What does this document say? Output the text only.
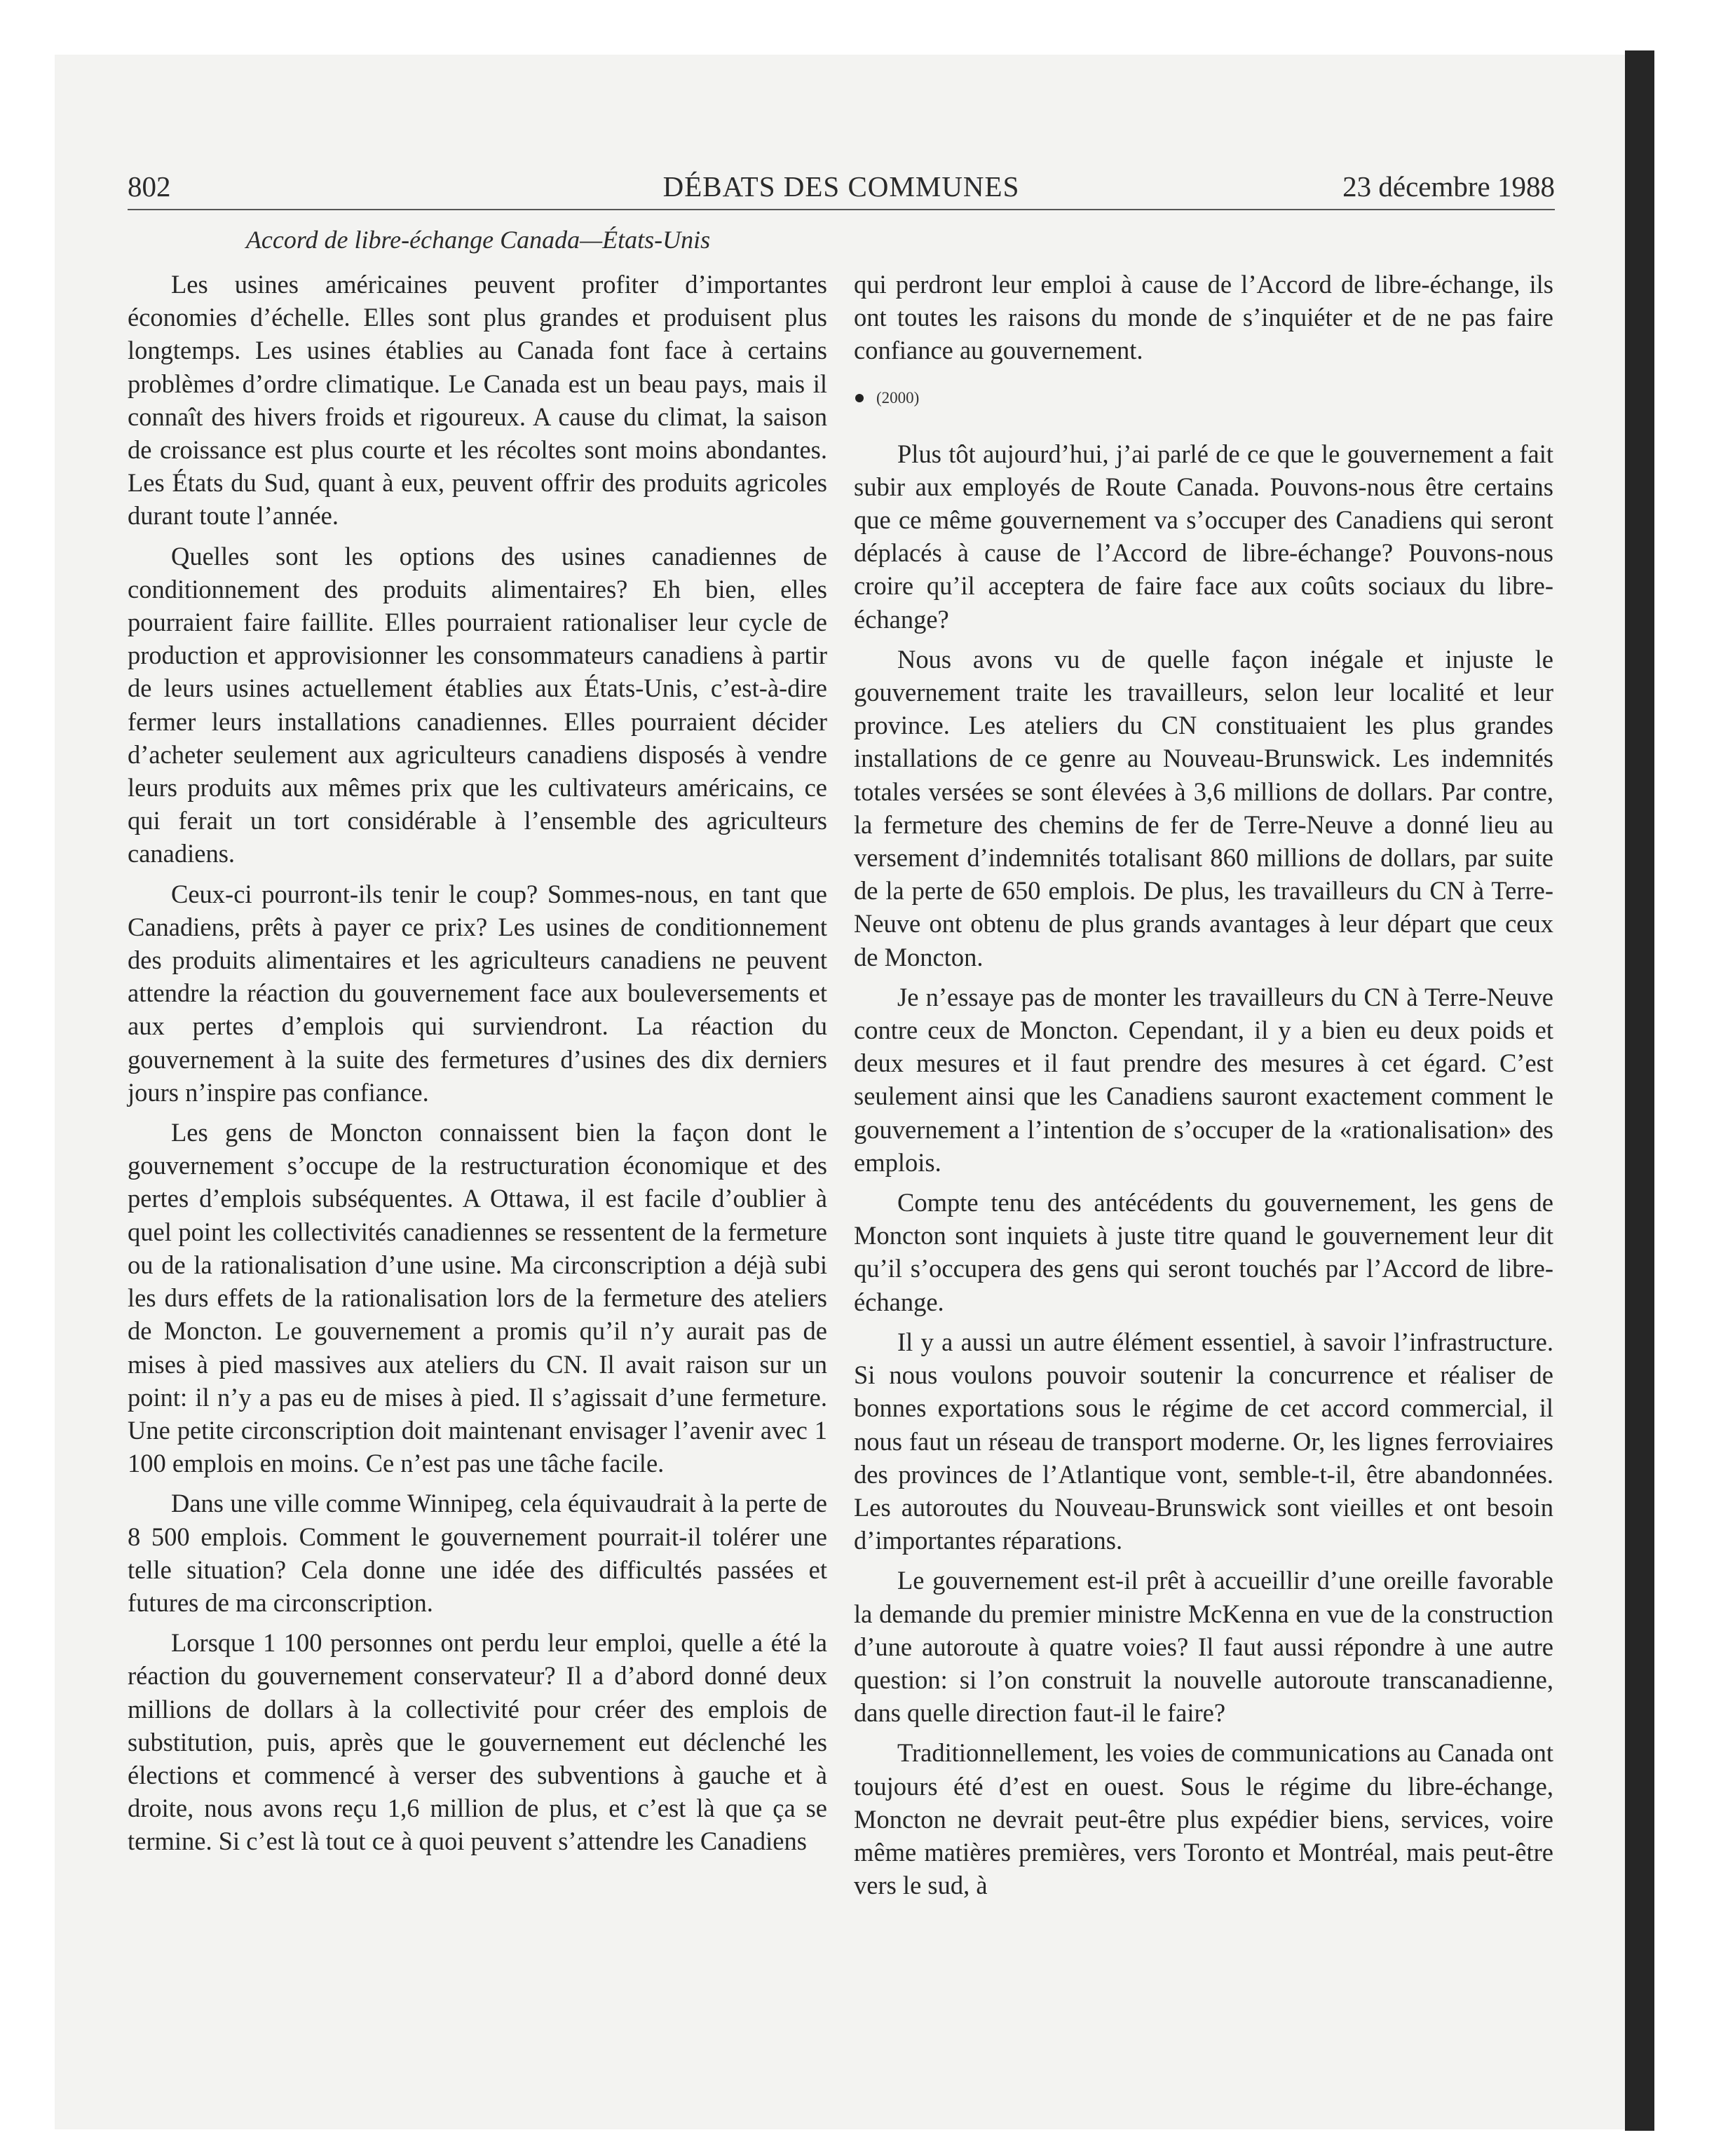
802	DÉBATS DES COMMUNES	23 décembre 1988
Accord de libre-échange Canada—États-Unis

Les usines américaines peuvent profiter d’importantes économies d’échelle. Elles sont plus grandes et produisent plus longtemps. Les usines établies au Canada font face à certains problèmes d’ordre climatique. Le Canada est un beau pays, mais il connaît des hivers froids et rigoureux. A cause du climat, la saison de croissance est plus courte et les récoltes sont moins abondantes. Les États du Sud, quant à eux, peuvent offrir des produits agricoles durant toute l’année.

Quelles sont les options des usines canadiennes de conditionnement des produits alimentaires? Eh bien, elles pourraient faire faillite. Elles pourraient rationaliser leur cycle de production et approvisionner les consommateurs canadiens à partir de leurs usines actuellement établies aux États-Unis, c’est-à-dire fermer leurs installations canadiennes. Elles pourraient décider d’acheter seulement aux agriculteurs canadiens disposés à vendre leurs produits aux mêmes prix que les cultivateurs américains, ce qui ferait un tort considérable à l’ensemble des agriculteurs canadiens.

Ceux-ci pourront-ils tenir le coup? Sommes-nous, en tant que Canadiens, prêts à payer ce prix? Les usines de conditionnement des produits alimentaires et les agriculteurs canadiens ne peuvent attendre la réaction du gouvernement face aux bouleversements et aux pertes d’emplois qui surviendront. La réaction du gouvernement à la suite des fermetures d’usines des dix derniers jours n’inspire pas confiance.

Les gens de Moncton connaissent bien la façon dont le gouvernement s’occupe de la restructuration économique et des pertes d’emplois subséquentes. A Ottawa, il est facile d’oublier à quel point les collectivités canadiennes se ressentent de la fermeture ou de la rationalisation d’une usine. Ma circonscription a déjà subi les durs effets de la rationalisation lors de la fermeture des ateliers de Moncton. Le gouvernement a promis qu’il n’y aurait pas de mises à pied massives aux ateliers du CN. Il avait raison sur un point: il n’y a pas eu de mises à pied. Il s’agissait d’une fermeture. Une petite circonscription doit maintenant envisager l’avenir avec 1 100 emplois en moins. Ce n’est pas une tâche facile.

Dans une ville comme Winnipeg, cela équivaudrait à la perte de 8 500 emplois. Comment le gouvernement pourrait-il tolérer une telle situation? Cela donne une idée des difficultés passées et futures de ma circonscription.

Lorsque 1 100 personnes ont perdu leur emploi, quelle a été la réaction du gouvernement conservateur? Il a d’abord donné deux millions de dollars à la collectivité pour créer des emplois de substitution, puis, après que le gouvernement eut déclenché les élections et commencé à verser des subventions à gauche et à droite, nous avons reçu 1,6 million de plus, et c’est là que ça se termine. Si c’est là tout ce à quoi peuvent s’attendre les Canadiens

qui perdront leur emploi à cause de l’Accord de libre-échange, ils ont toutes les raisons du monde de s’inquiéter et de ne pas faire confiance au gouvernement.

(2000)

Plus tôt aujourd’hui, j’ai parlé de ce que le gouvernement a fait subir aux employés de Route Canada. Pouvons-nous être certains que ce même gouvernement va s’occuper des Canadiens qui seront déplacés à cause de l’Accord de libre-échange? Pouvons-nous croire qu’il acceptera de faire face aux coûts sociaux du libre-échange?

Nous avons vu de quelle façon inégale et injuste le gouvernement traite les travailleurs, selon leur localité et leur province. Les ateliers du CN constituaient les plus grandes installations de ce genre au Nouveau-Brunswick. Les indemnités totales versées se sont élevées à 3,6 millions de dollars. Par contre, la fermeture des chemins de fer de Terre-Neuve a donné lieu au versement d’indemnités totalisant 860 millions de dollars, par suite de la perte de 650 emplois. De plus, les travailleurs du CN à Terre-Neuve ont obtenu de plus grands avantages à leur départ que ceux de Moncton.

Je n’essaye pas de monter les travailleurs du CN à Terre-Neuve contre ceux de Moncton. Cependant, il y a bien eu deux poids et deux mesures et il faut prendre des mesures à cet égard. C’est seulement ainsi que les Canadiens sauront exactement comment le gouvernement a l’intention de s’occuper de la «rationalisation» des emplois.

Compte tenu des antécédents du gouvernement, les gens de Moncton sont inquiets à juste titre quand le gouvernement leur dit qu’il s’occupera des gens qui seront touchés par l’Accord de libre-échange.

Il y a aussi un autre élément essentiel, à savoir l’infrastructure. Si nous voulons pouvoir soutenir la concurrence et réaliser de bonnes exportations sous le régime de cet accord commercial, il nous faut un réseau de transport moderne. Or, les lignes ferroviaires des provinces de l’Atlantique vont, semble-t-il, être abandonnées. Les autoroutes du Nouveau-Brunswick sont vieilles et ont besoin d’importantes réparations.

Le gouvernement est-il prêt à accueillir d’une oreille favorable la demande du premier ministre McKenna en vue de la construction d’une autoroute à quatre voies? Il faut aussi répondre à une autre question: si l’on construit la nouvelle autoroute transcanadienne, dans quelle direction faut-il le faire?

Traditionnellement, les voies de communications au Canada ont toujours été d’est en ouest. Sous le régime du libre-échange, Moncton ne devrait peut-être plus expédier biens, services, voire même matières premières, vers Toronto et Montréal, mais peut-être vers le sud, à
